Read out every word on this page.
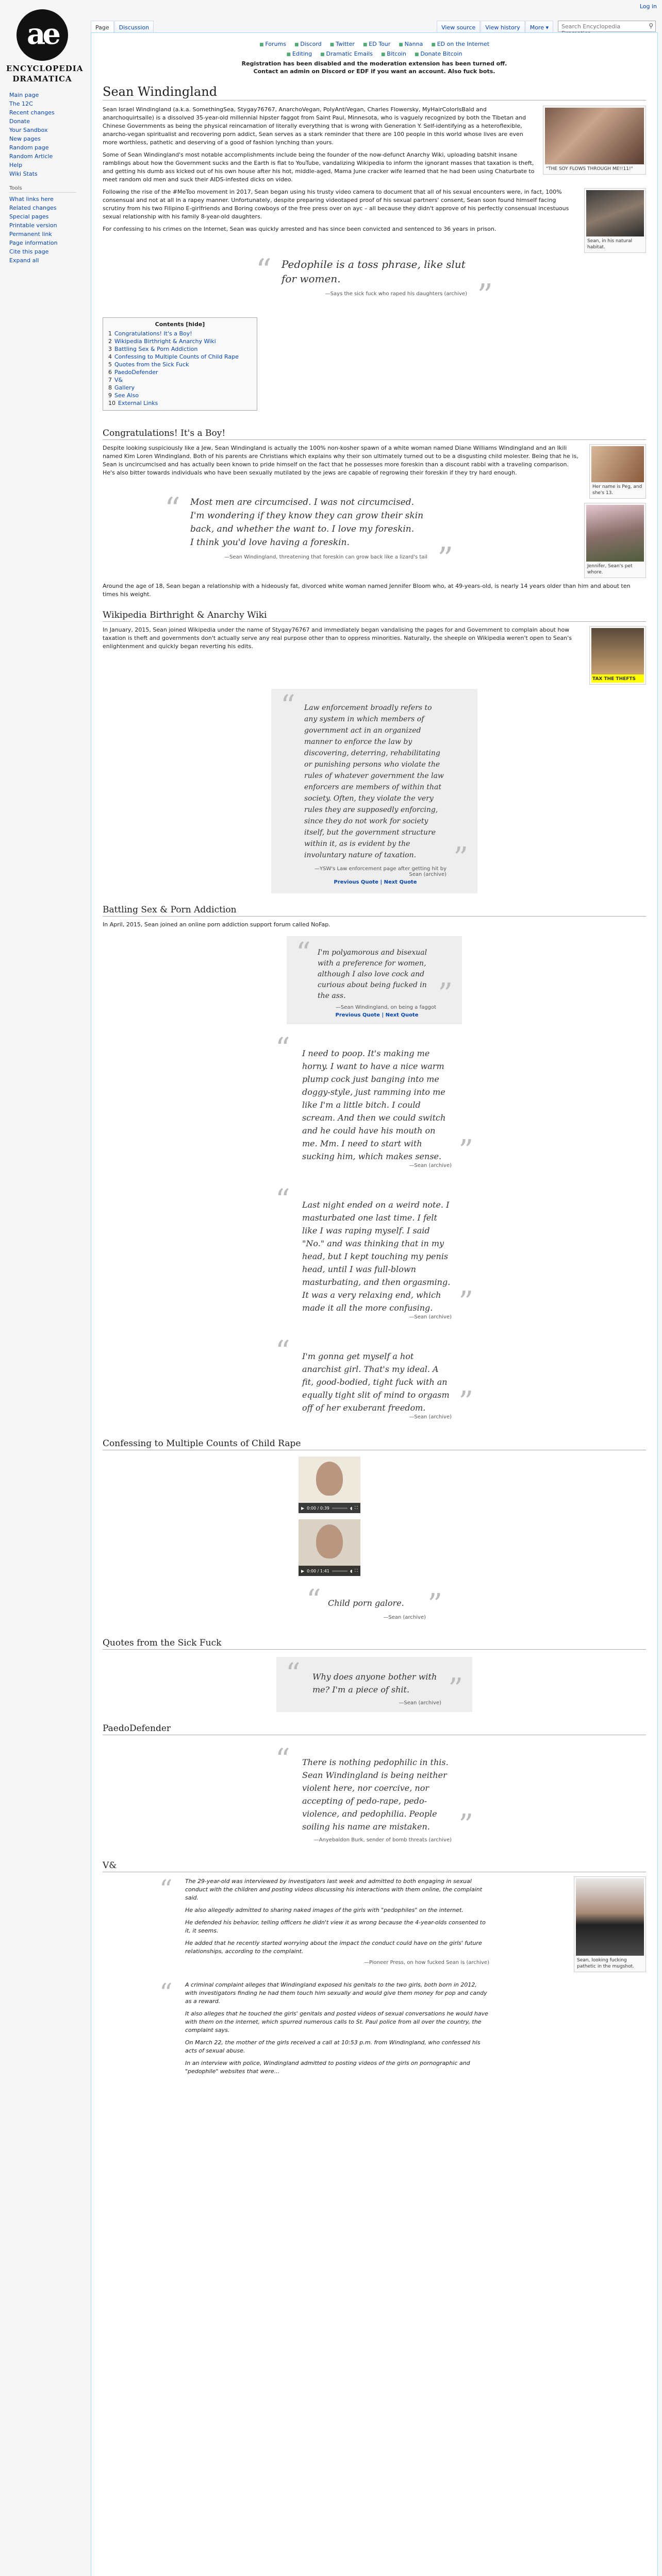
Log in
ae
ENCYCLOPEDIA
DRAMATICA
Main page
The 12C
Recent changes
Donate
Your Sandbox
New pages
Random page
Random Article
Help
Wiki Stats
Tools
What links here
Related changes
Special pages
Printable version
Permanent link
Page information
Cite this page
Expand all
Page	Discussion	View source	View history	More ▾	Search Encyclopedia	⚲
■ Forums	■ Discord	■ Twitter	■ ED Tour	■ Nanna	■ ED on the Internet
■ Editing	■ Dramatic Emails	■ Bitcoin	■ Donate Bitcoin
Registration has been disabled and the moderation extension has been turned off.
Contact an admin on Discord or EDF if you want an account. Also fuck bots.
Sean Windingland
"THE SOY FLOWS THROUGH ME!!11!"

Sean Israel Windingland (a.k.a. SomethingSea, Stygay76767, AnarchoVegan, PolyAntiVegan, Charles Flowersky, MyHairColorIsBald and anarchoquirtsalle) is a dissolved 35-year-old millennial hipster faggot from Saint Paul, Minnesota, who is vaguely recognized by both the Tibetan and Chinese Governments as being the physical reincarnation of literally everything that is wrong with Generation Y. Self-identifying as a heteroflexible, anarcho-vegan spiritualist and recovering porn addict, Sean serves as a stark reminder that there are 100 people in this world whose lives are even more worthless, pathetic and deserving of a good of fashion lynching than yours.

Some of Sean Windingland's most notable accomplishments include being the founder of the now-defunct Anarchy Wiki, uploading batshit insane ramblings about how the Government sucks and the Earth is flat to YouTube, vandalizing Wikipedia to inform the ignorant masses that taxation is theft, and getting his dumb ass kicked out of his own house after his hot, middle-aged, Mama June cracker wife learned that he had been using Chaturbate to meet random old men and suck their AIDS-infested dicks on video.

Sean, in his natural habitat.

Following the rise of the #MeToo movement in 2017, Sean began using his trusty video camera to document that all of his sexual encounters were, in fact, 100% consensual and not at all in a rapey manner. Unfortunately, despite preparing videotaped proof of his sexual partners' consent, Sean soon found himself facing scrutiny from his two Filipino E-girlfriends and Boring cowboys of the free press over on ayc – all because they didn't approve of his perfectly consensual incestuous sexual relationship with his family 8-year-old daughters.

For confessing to his crimes on the Internet, Sean was quickly arrested and has since been convicted and sentenced to 36 years in prison.

“ Pedophile is a toss phrase, like slut for women.	”
—Says the sick fuck who raped his daughters (archive)
Contents [hide]
1 Congratulations! It's a Boy!
2 Wikipedia Birthright & Anarchy Wiki
3 Battling Sex & Porn Addiction
4 Confessing to Multiple Counts of Child Rape
5 Quotes from the Sick Fuck
6 PaedoDefender
7 V&
8 Gallery
9 See Also
10 External Links
Congratulations! It's a Boy!
Her name is Peg, and she's 13.

Despite looking suspiciously like a Jew, Sean Windingland is actually the 100% non-kosher spawn of a white woman named Diane Williams Windingland and an Ikili named Kim Loren Windingland. Both of his parents are Christians which explains why their son ultimately turned out to be a disgusting child molester. Being that he is, Sean is uncircumcised and has actually been known to pride himself on the fact that he possesses more foreskin than a discount rabbi with a traveling comparison. He's also bitter towards individuals who have been sexually mutilated by the jews are capable of regrowing their foreskin if they try hard enough.

Jennifer, Sean's pet whore.
“ Most men are circumcised. I was not circumcised.
I'm wondering if they know they can grow their skin back, and whether the want to. I love my foreskin.
I think you'd love having a foreskin.	”
—Sean Windingland, threatening that foreskin can grow back like a lizard's tail

Around the age of 18, Sean began a relationship with a hideously fat, divorced white woman named Jennifer Bloom who, at 49-years-old, is nearly 14 years older than him and about ten times his weight.

Wikipedia Birthright & Anarchy Wiki
TAX THE THEFTS

In January, 2015, Sean joined Wikipedia under the name of Stygay76767 and immediately began vandalising the pages for and Government to complain about how taxation is theft and governments don't actually serve any real purpose other than to oppress minorities. Naturally, the sheeple on Wikipedia weren't open to Sean's enlightenment and quickly began reverting his edits.

“ Law enforcement broadly refers to any system in which members of government act in an organized manner to enforce the law by discovering, deterring, rehabilitating or punishing persons who violate the rules of whatever government the law enforcers are members of within that society. Often, they violate the very rules they are supposedly enforcing, since they do not work for society itself, but the government structure within it, as is evident by the involuntary nature of taxation.	”
—YSW's Law enforcement page after getting hit by Sean (archive)
Previous Quote | Next Quote
Battling Sex & Porn Addiction

In April, 2015, Sean joined an online porn addiction support forum called NoFap.

“ I'm polyamorous and bisexual with a preference for women, although I also love cock and curious about being fucked in the ass.	”
—Sean Windingland, on being a faggot
Previous Quote | Next Quote
“ I need to poop. It's making me horny. I want to have a nice warm plump cock just banging into me doggy-style, just ramming into me like I'm a little bitch. I could scream. And then we could switch and he could have his mouth on me. Mm. I need to start with sucking him, which makes sense. ”
—Sean (archive)
“ Last night ended on a weird note. I masturbated one last time. I felt like I was raping myself. I said "No." and was thinking that in my head, but I kept touching my penis head, until I was full-blown masturbating, and then orgasming. It was a very relaxing end, which made it all the more confusing. ”
—Sean (archive)
“ I'm gonna get myself a hot anarchist girl. That's my ideal. A fit, good-bodied, tight fuck with an equally tight slit of mind to orgasm off of her exuberant freedom.	”
—Sean (archive)
Confessing to Multiple Counts of Child Rape
▶ 0:00 / 0:39	◖ ⛶
▶ 0:00 / 1:41	◖ ⛶
“ Child porn galore. ”
—Sean (archive)
Quotes from the Sick Fuck
“ Why does anyone bother with me? I'm a piece of shit.	”
—Sean (archive)
PaedoDefender
“ There is nothing pedophilic in this. Sean Windingland is being neither violent here, nor coercive, nor accepting of pedo-rape, pedo-violence, and pedophilia. People soiling his name are mistaken. ”
—Anyebaldon Burk, sender of bomb threats (archive)
V&
Sean, looking fucking pathetic in the mugshot.
“ The 29-year-old was interviewed by investigators last week and admitted to both engaging in sexual conduct with the children and posting videos discussing his interactions with them online, the complaint said.

He also allegedly admitted to sharing naked images of the girls with "pedophiles" on the internet.

He defended his behavior, telling officers he didn't view it as wrong because the 4-year-olds consented to it, it seems.

He added that he recently started worrying about the impact the conduct could have on the girls' future relationships, according to the complaint.

—Pioneer Press, on how fucked Sean is (archive)
“ A criminal complaint alleges that Windingland exposed his genitals to the two girls, both born in 2012, with investigators finding he had them touch him sexually and would give them money for pop and candy as a reward.

It also alleges that he touched the girls' genitals and posted videos of sexual conversations he would have with them on the internet, which spurred numerous calls to St. Paul police from all over the country, the complaint says.

On March 22, the mother of the girls received a call at 10:53 p.m. from Windingland, who confessed his acts of sexual abuse.

In an interview with police, Windingland admitted to posting videos of the girls on pornographic and "pedophile" websites that were...
